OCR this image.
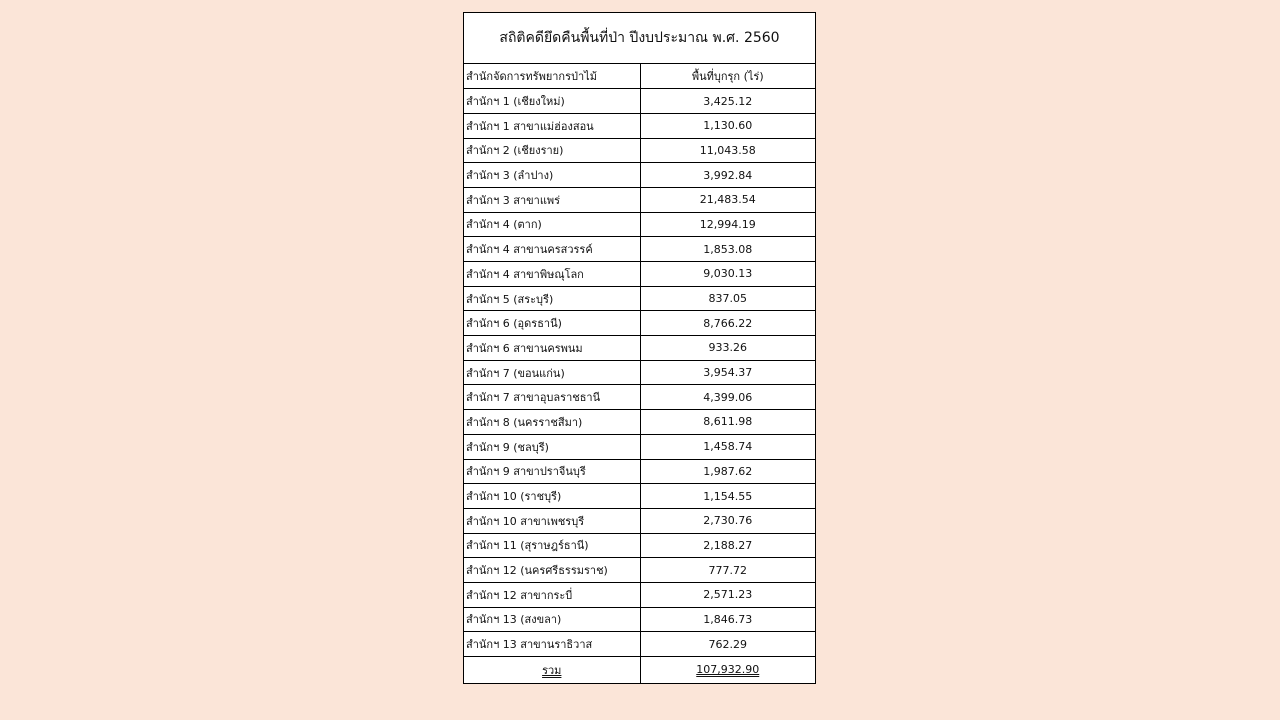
สถิติคดียึดคืนพื้นที่ป่า ปีงบประมาณ พ.ศ. 2560
สำนักจัดการทรัพยากรป่าไม้	พื้นที่บุกรุก (ไร่)
สำนักฯ 1 (เชียงใหม่)	3,425.12
สำนักฯ 1 สาขาแม่ฮ่องสอน	1,130.60
สำนักฯ 2 (เชียงราย)	11,043.58
สำนักฯ 3 (ลำปาง)	3,992.84
สำนักฯ 3 สาขาแพร่	21,483.54
สำนักฯ 4 (ตาก)	12,994.19
สำนักฯ 4 สาขานครสวรรค์	1,853.08
สำนักฯ 4 สาขาพิษณุโลก	9,030.13
สำนักฯ 5 (สระบุรี)	837.05
สำนักฯ 6 (อุดรธานี)	8,766.22
สำนักฯ 6 สาขานครพนม	933.26
สำนักฯ 7 (ขอนแก่น)	3,954.37
สำนักฯ 7 สาขาอุบลราชธานี	4,399.06
สำนักฯ 8 (นครราชสีมา)	8,611.98
สำนักฯ 9 (ชลบุรี)	1,458.74
สำนักฯ 9 สาขาปราจีนบุรี	1,987.62
สำนักฯ 10 (ราชบุรี)	1,154.55
สำนักฯ 10 สาขาเพชรบุรี	2,730.76
สำนักฯ 11 (สุราษฎร์ธานี)	2,188.27
สำนักฯ 12 (นครศรีธรรมราช)	777.72
สำนักฯ 12 สาขากระบี่	2,571.23
สำนักฯ 13 (สงขลา)	1,846.73
สำนักฯ 13 สาขานราธิวาส	762.29
รวม	107,932.90
